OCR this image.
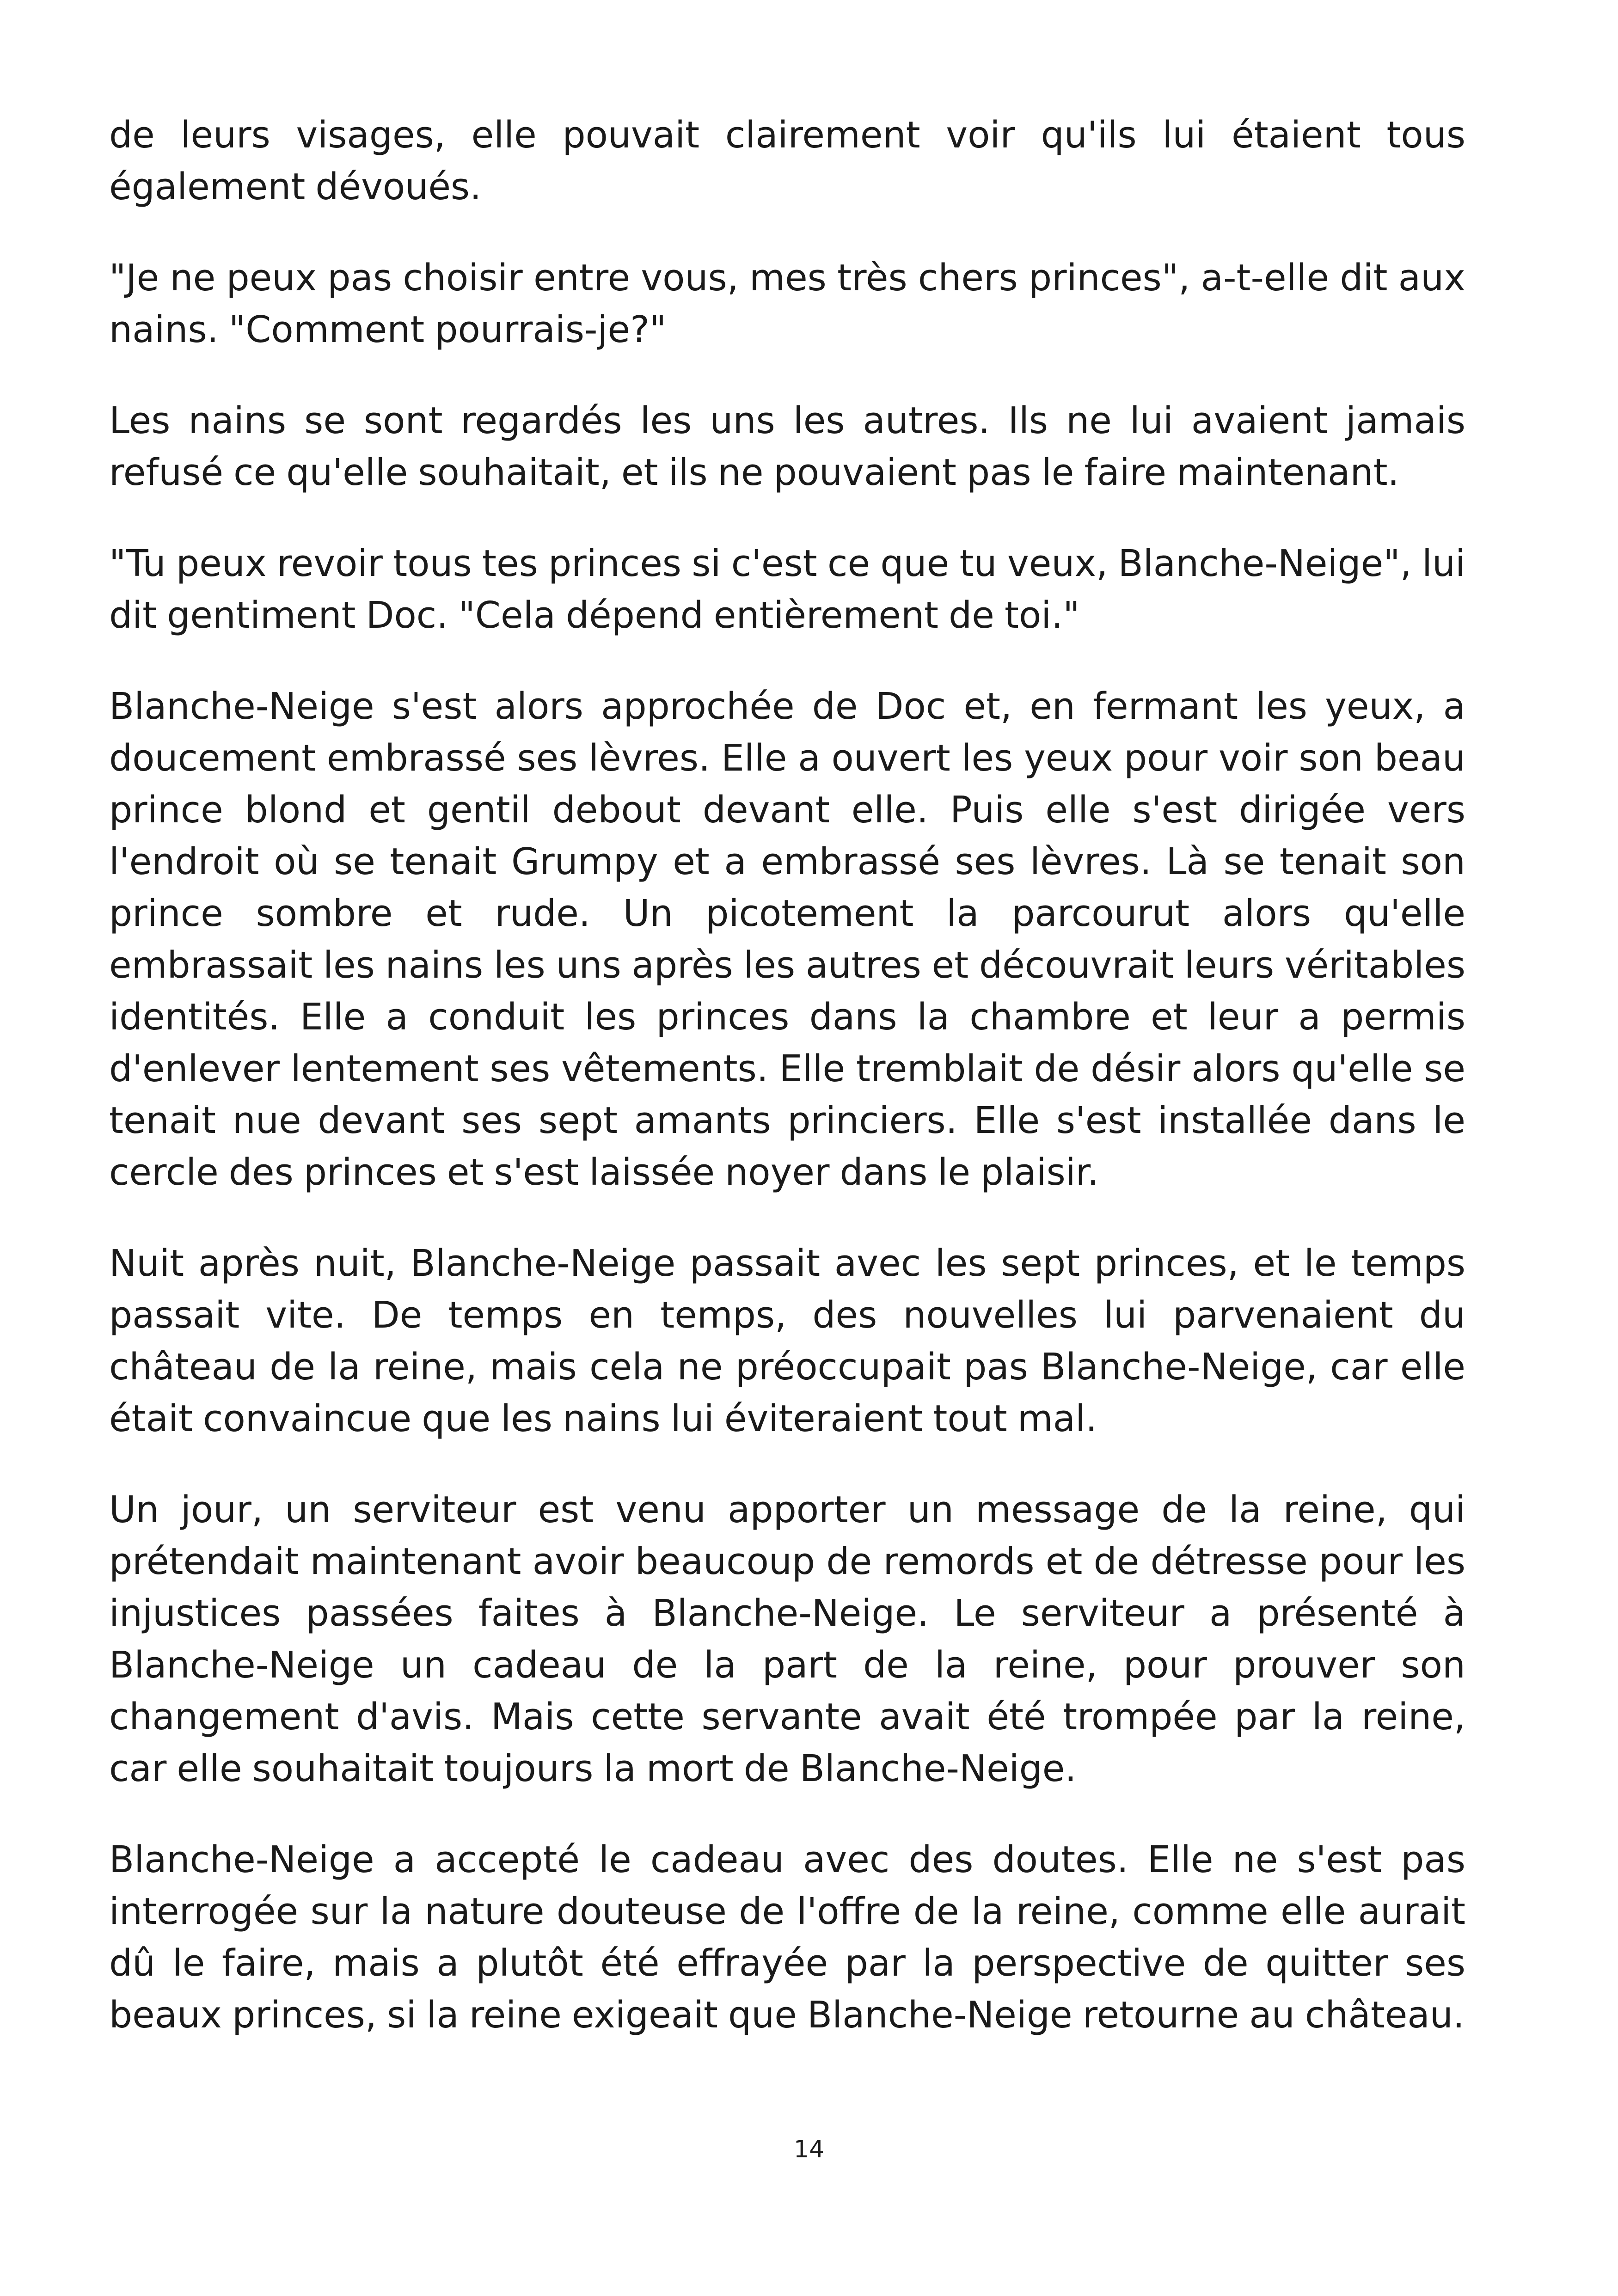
de leurs visages, elle pouvait clairement voir qu'ils lui étaient tous également dévoués.

"Je ne peux pas choisir entre vous, mes très chers princes", a-t-elle dit aux nains. "Comment pourrais-je?"

Les nains se sont regardés les uns les autres. Ils ne lui avaient jamais refusé ce qu'elle souhaitait, et ils ne pouvaient pas le faire maintenant.

"Tu peux revoir tous tes princes si c'est ce que tu veux, Blanche-Neige", lui dit gentiment Doc. "Cela dépend entièrement de toi."

Blanche-Neige s'est alors approchée de Doc et, en fermant les yeux, a doucement embrassé ses lèvres. Elle a ouvert les yeux pour voir son beau prince blond et gentil debout devant elle. Puis elle s'est dirigée vers l'endroit où se tenait Grumpy et a embrassé ses lèvres. Là se tenait son prince sombre et rude. Un picotement la parcourut alors qu'elle embrassait les nains les uns après les autres et découvrait leurs véritables identités. Elle a conduit les princes dans la chambre et leur a permis d'enlever lentement ses vêtements. Elle tremblait de désir alors qu'elle se tenait nue devant ses sept amants princiers. Elle s'est installée dans le cercle des princes et s'est laissée noyer dans le plaisir.

Nuit après nuit, Blanche-Neige passait avec les sept princes, et le temps passait vite. De temps en temps, des nouvelles lui parvenaient du château de la reine, mais cela ne préoccupait pas Blanche-Neige, car elle était convaincue que les nains lui éviteraient tout mal.

Un jour, un serviteur est venu apporter un message de la reine, qui prétendait maintenant avoir beaucoup de remords et de détresse pour les injustices passées faites à Blanche-Neige. Le serviteur a présenté à Blanche-Neige un cadeau de la part de la reine, pour prouver son changement d'avis. Mais cette servante avait été trompée par la reine, car elle souhaitait toujours la mort de Blanche-Neige.

Blanche-Neige a accepté le cadeau avec des doutes. Elle ne s'est pas interrogée sur la nature douteuse de l'offre de la reine, comme elle aurait dû le faire, mais a plutôt été effrayée par la perspective de quitter ses beaux princes, si la reine exigeait que Blanche-Neige retourne au château.

14
